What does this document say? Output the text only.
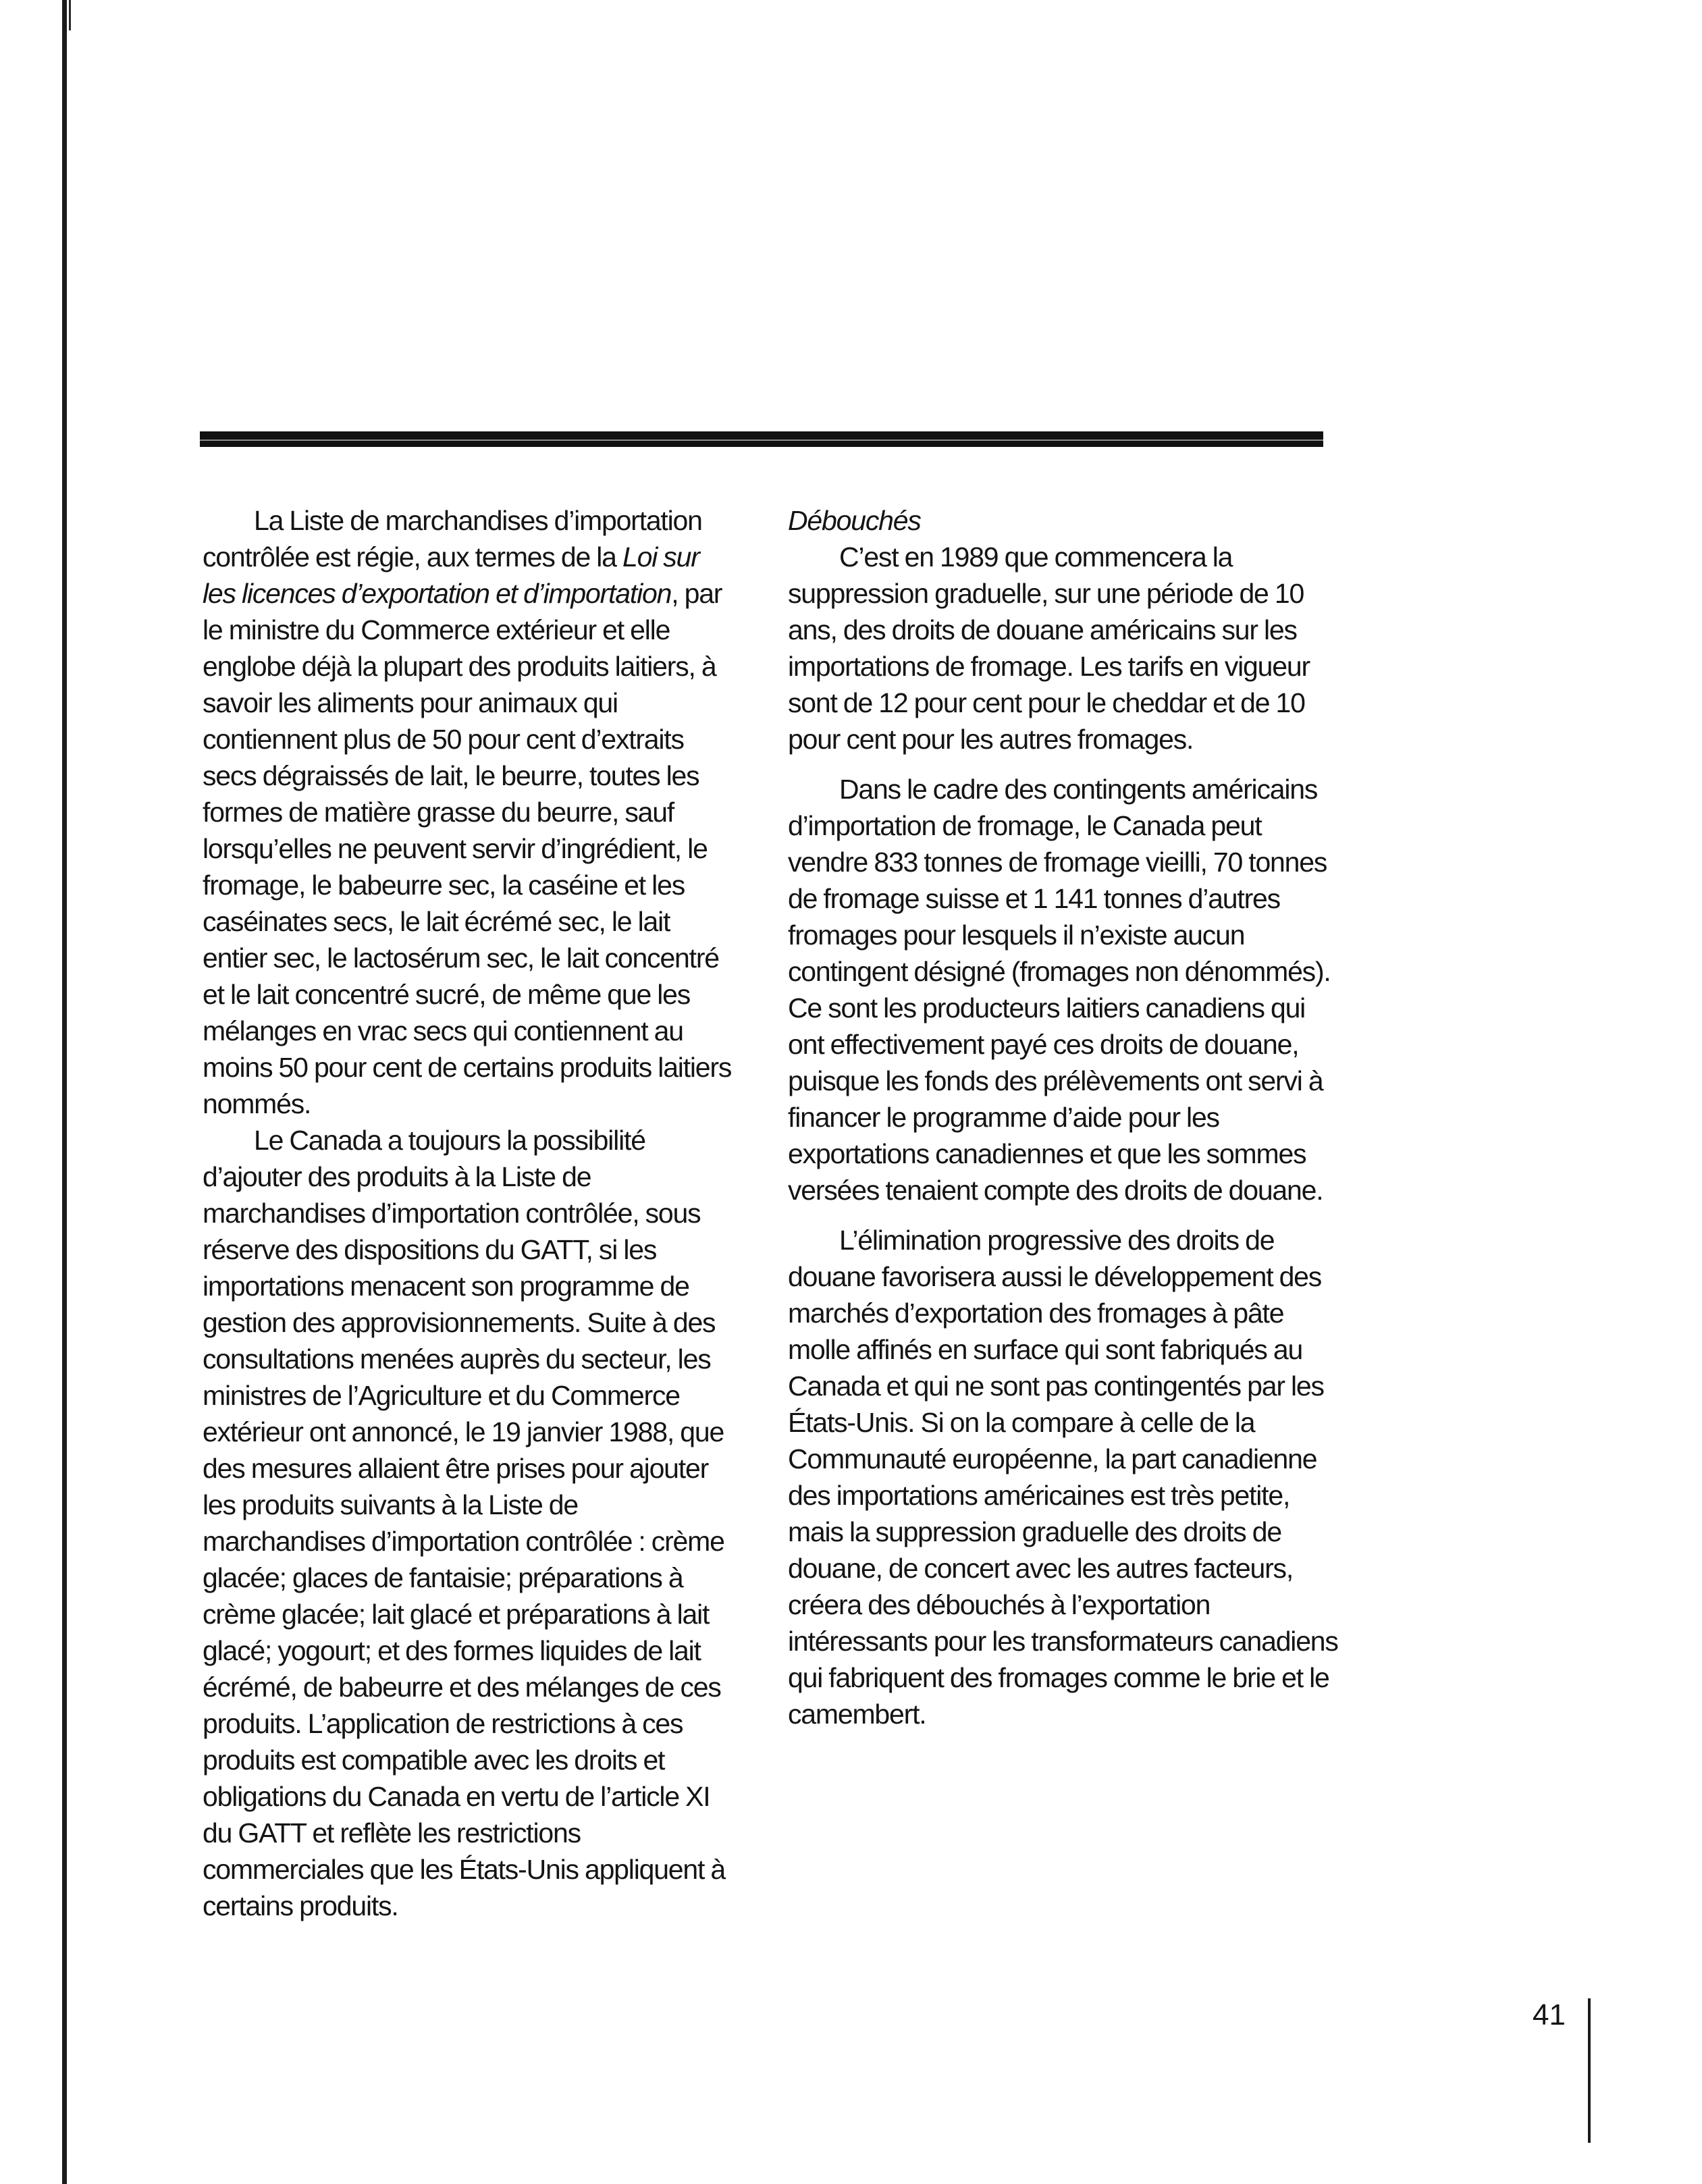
La Liste de marchandises d’importation contrôlée est régie, aux termes de la Loi sur les licences d’exportation et d’importation, par le ministre du Commerce extérieur et elle englobe déjà la plupart des produits laitiers, à savoir les aliments pour animaux qui contiennent plus de 50 pour cent d’extraits secs dégraissés de lait, le beurre, toutes les formes de matière grasse du beurre, sauf lorsqu’elles ne peuvent servir d’ingrédient, le fromage, le babeurre sec, la caséine et les caséinates secs, le lait écrémé sec, le lait entier sec, le lactosérum sec, le lait concentré et le lait concentré sucré, de même que les mélanges en vrac secs qui contiennent au moins 50 pour cent de certains produits laitiers nommés.

Le Canada a toujours la possibilité d’ajouter des produits à la Liste de marchandises d’importation contrôlée, sous réserve des dispositions du GATT, si les importations menacent son programme de gestion des approvisionnements. Suite à des consultations menées auprès du secteur, les ministres de l’Agriculture et du Commerce extérieur ont annoncé, le 19 janvier 1988, que des mesures allaient être prises pour ajouter les produits suivants à la Liste de marchandises d’importation contrôlée : crème glacée; glaces de fantaisie; préparations à crème glacée; lait glacé et préparations à lait glacé; yogourt; et des formes liquides de lait écrémé, de babeurre et des mélanges de ces produits. L’application de restrictions à ces produits est compatible avec les droits et obligations du Canada en vertu de l’article XI du GATT et reflète les restrictions commerciales que les États-Unis appliquent à certains produits.

Débouchés

C’est en 1989 que commencera la suppression graduelle, sur une période de 10 ans, des droits de douane américains sur les importations de fromage. Les tarifs en vigueur sont de 12 pour cent pour le cheddar et de 10 pour cent pour les autres fromages.

Dans le cadre des contingents américains d’importation de fromage, le Canada peut vendre 833 tonnes de fromage vieilli, 70 tonnes de fromage suisse et 1 141 tonnes d’autres fromages pour lesquels il n’existe aucun contingent désigné (fromages non dénommés). Ce sont les producteurs laitiers canadiens qui ont effectivement payé ces droits de douane, puisque les fonds des prélèvements ont servi à financer le programme d’aide pour les exportations canadiennes et que les sommes versées tenaient compte des droits de douane.

L’élimination progressive des droits de douane favorisera aussi le développement des marchés d’exportation des fromages à pâte molle affinés en surface qui sont fabriqués au Canada et qui ne sont pas contingentés par les États-Unis. Si on la compare à celle de la Communauté européenne, la part canadienne des importations américaines est très petite, mais la suppression graduelle des droits de douane, de concert avec les autres facteurs, créera des débouchés à l’exportation intéressants pour les transformateurs canadiens qui fabriquent des fromages comme le brie et le camembert.

41
